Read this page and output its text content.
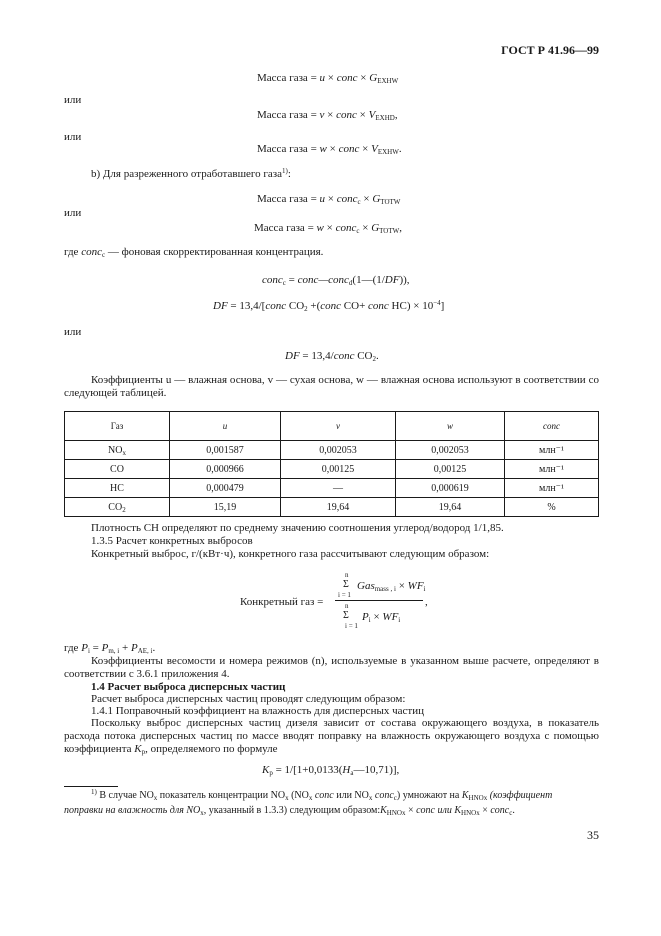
ГОСТ Р 41.96—99
Масса газа = u × conc × $G_{EXHW}$
или
Масса газа = v × conc × $V_{EXHD}$,
или
Масса газа = w × conc × $V_{EXHW}$.
b) Для разреженного отработавшего газа$^{1)}$:
Масса газа = u × conc$_c$ × $G_{TOTW}$
или
Масса газа = w × conc$_c$ × $G_{TOTW}$,
где conc$_c$ — фоновая скорректированная концентрация.
conc$_c$ = conc—conc$_d$(1—(1/DF)),
DF = 13,4/[conc $CO_2$ +(conc CO+ conc $HC) \times 10^{-4}$]
или
DF = 13,4/conc $CO_2$.
Коэффициенты u — влажная основа, v — сухая основа, w — влажная основа используют в соответствии со следующей таблицей.
Газ	u	v	w	conc
$NO_x$	0,001587	0,002053	0,002053	млн⁻¹
CO	0,000966	0,00125	0,00125	млн⁻¹
HC	0,000479	—	0,000619	млн⁻¹
$CO_2$	15,19	19,64	19,64	%
Плотность СН определяют по среднему значению соотношения углерод/водород 1/1,85.
1.3.5 Расчет конкретных выбросов
Конкретный выброс, г/(кВт·ч), конкретного газа рассчитывают следующим образом:
Конкретный газ =
n
Σ
i = 1
$Gas_{mass , i} \times WF_i$
n
Σ
i = 1
$P_i \times WF_i$
,
где $P_i = P_{m, i} + P_{AE, i}$.
Коэффициенты весомости и номера режимов (n), используемые в указанном выше расчете, определяют в соответствии с 3.6.1 приложения 4.
1.4 Расчет выброса дисперсных частиц
Расчет выброса дисперсных частиц проводят следующим образом:
1.4.1 Поправочный коэффициент на влажность для дисперсных частиц
Поскольку выброс дисперсных частиц дизеля зависит от состава окружающего воздуха, в показатель расхода потока дисперсных частиц по массе вводят поправку на влажность окружающего воздуха с помощью коэффициента $K_p$, определяемого по формуле
$K_p$ = $1/[1+0,0133(H_a—10,71)]$,
$^{1)}$ В случае $NO_x$ показатель концентрации $NO_x$ ($NO_x$ conc или $NO_x$ conc$_c$) умножают на $K_{HNOx}$ (коэффициент
поправки на влажность для $NO_x$, указанный в 1.3.3) следующим $образом:K_{HNOx}$ × conc или $K_{HNOx}$ × conc$_c$.
35
